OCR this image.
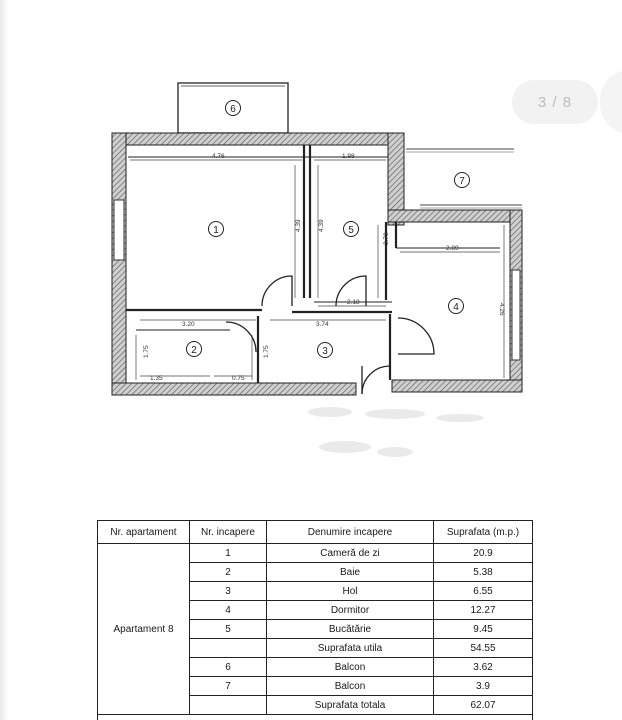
4.76	1.98
4.39 4.39
3.79
2.89
4.26
2.18
3.20	3.74
1.75	1.75
1.35	0.75
1
2	3
4
5
6
7
3 / 8
Nr. apartament	Nr. incapere	Denumire incapere	Suprafata (m.p.)
Apartament 8	1	Cameră de zi	20.9
	2	Baie	5.38
	3	Hol	6.55
	4	Dormitor	12.27
	5	Bucătărie	9.45
		Suprafata utila	54.55
	6	Balcon	3.62
	7	Balcon	3.9
		Suprafata totala	62.07
